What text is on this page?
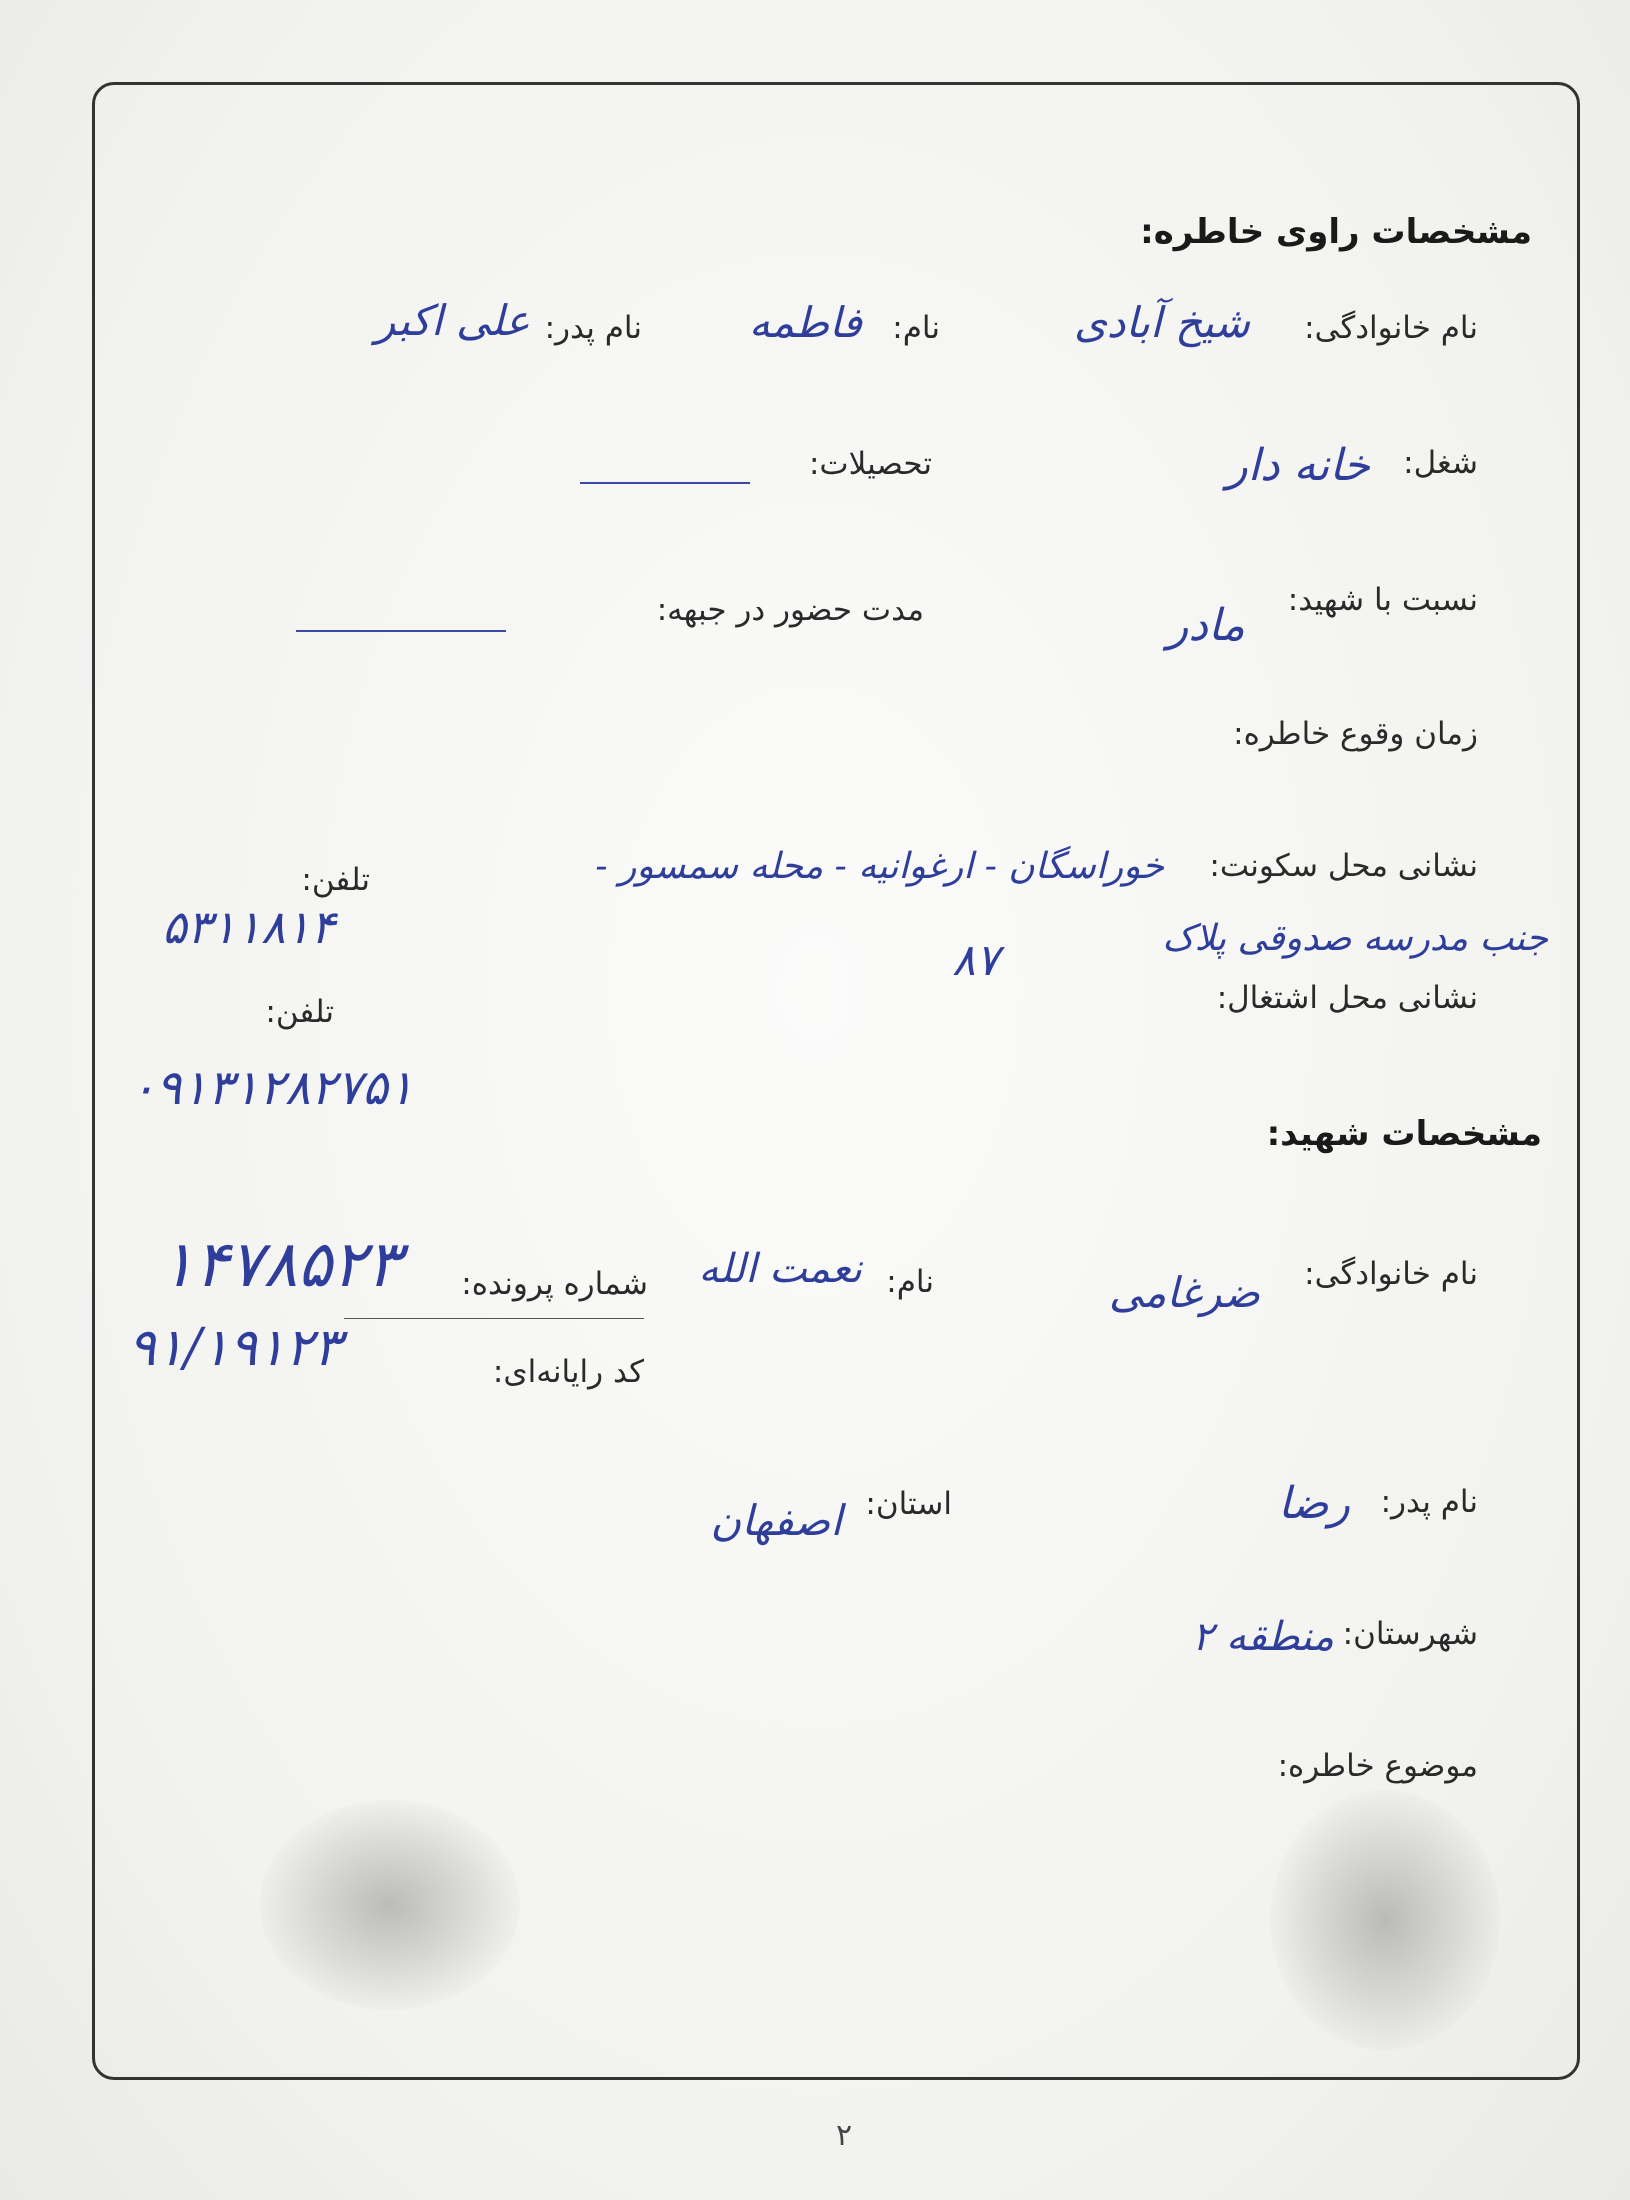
مشخصات راوی خاطره:
نام خانوادگی:
شیخ آبادی
نام:
فاطمه
نام پدر:
علی اکبر
شغل:
خانه دار
تحصیلات:
نسبت با شهید:
مادر
مدت حضور در جبهه:
زمان وقوع خاطره:
نشانی محل سکونت:
خوراسگان - ارغوانیه - محله سمسور -
تلفن:
۵۳۱۱۸۱۴	جنب مدرسه صدوقی پلاک
۸۷
نشانی محل اشتغال:
تلفن:
۰۹۱۳۱۲۸۲۷۵۱
مشخصات شهید:
نام خانوادگی:
ضرغامی
نام:
نعمت الله
شماره پرونده:
۱۴۷۸۵۲۳
کد رایانه‌ای:
۹۱/۱۹۱۲۳
نام پدر:
رضا
استان:
اصفهان
شهرستان:
منطقه ۲
موضوع خاطره:
۲
